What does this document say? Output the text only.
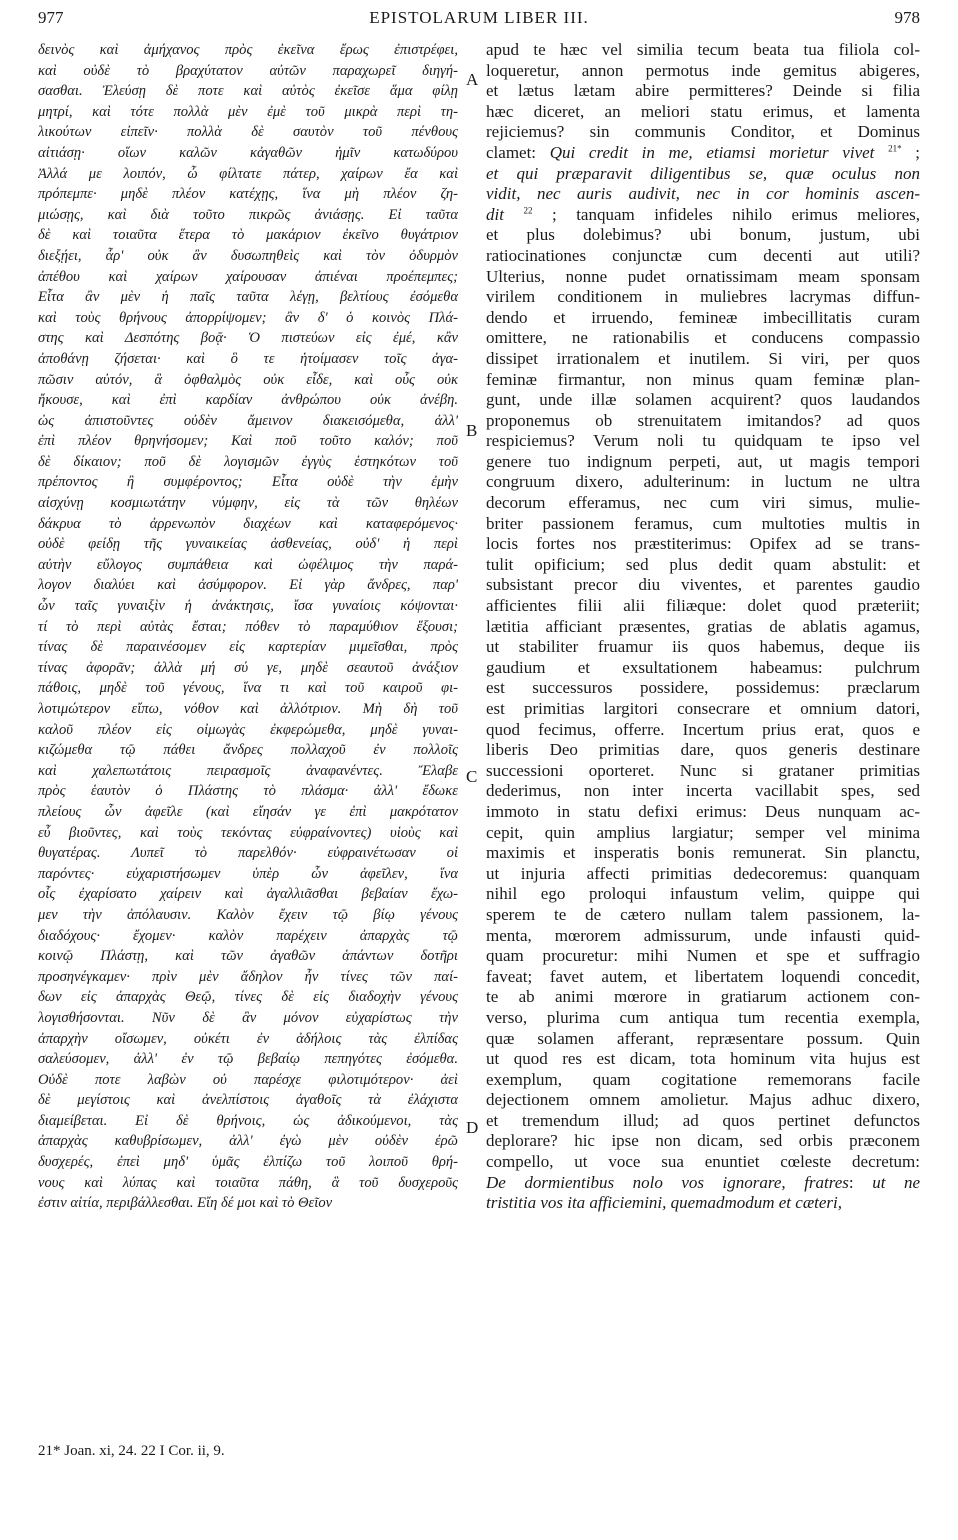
977	EPISTOLARUM LIBER III.	978

δεινὸς καὶ ἀμήχανος πρὸς ἐκεῖνα ἔρως ἐπιστρέφει,

καὶ οὐδὲ τὸ βραχύτατον αὐτῶν παραχωρεῖ διηγή-

σασθαι. Ἐλεύσῃ δὲ ποτε καὶ αὐτὸς ἐκεῖσε ἅμα φίλῃ

μητρί, καὶ τότε πολλὰ μὲν ἐμὲ τοῦ μικρὰ περὶ τη-

λικούτων εἰπεῖν· πολλὰ δὲ σαυτὸν τοῦ πένθους

αἰτιάσῃ· οἵων καλῶν κἀγαθῶν ἡμῖν κατωδύρου

Ἀλλά με λοιπόν, ὦ φίλτατε πάτερ, χαίρων ἔα καὶ

πρόπεμπε· μηδὲ πλέον κατέχῃς, ἵνα μὴ πλέον ζη-

μιώσῃς, καὶ διὰ τοῦτο πικρῶς ἀνιάσῃς. Εἰ ταῦτα

δὲ καὶ τοιαῦτα ἕτερα τὸ μακάριον ἐκεῖνο θυγάτριον

διεξῄει, ἆρ' οὐκ ἂν δυσωπηθεὶς καὶ τὸν ὀδυρμὸν

ἀπέθου καὶ χαίρων χαίρουσαν ἀπιέναι προέπεμπες;

Εἶτα ἂν μὲν ἡ παῖς ταῦτα λέγῃ, βελτίους ἐσόμεθα

καὶ τοὺς θρήνους ἀπορρίψομεν; ἂν δ' ὁ κοινὸς Πλά-

στης καὶ Δεσπότης βοᾷ· Ὁ πιστεύων εἰς ἐμέ, κἂν

ἀποθάνῃ ζήσεται· καὶ ὃ τε ἡτοίμασεν τοῖς ἀγα-

πῶσιν αὐτόν, ἃ ὀφθαλμὸς οὐκ εἶδε, καὶ οὖς οὐκ

ἤκουσε, καὶ ἐπὶ καρδίαν ἀνθρώπου οὐκ ἀνέβη.

ὡς ἀπιστοῦντες οὐδὲν ἄμεινον διακεισόμεθα, ἀλλ'

ἐπὶ πλέον θρηνήσομεν; Καὶ ποῦ τοῦτο καλόν; ποῦ

δὲ δίκαιον; ποῦ δὲ λογισμῶν ἐγγὺς ἑστηκότων τοῦ

πρέποντος ἢ συμφέροντος; Εἶτα οὐδὲ τὴν ἐμὴν

αἰσχύνῃ κοσμιωτάτην νύμφην, εἰς τὰ τῶν θηλέων

δάκρυα τὸ ἀρρενωπὸν διαχέων καὶ καταφερόμενος·

οὐδὲ φείδῃ τῆς γυναικείας ἀσθενείας, οὐδ' ἡ περὶ

αὐτὴν εὔλογος συμπάθεια καὶ ὠφέλιμος τὴν παρά-

λογον διαλύει καὶ ἀσύμφορον. Εἰ γὰρ ἄνδρες, παρ'

ὧν ταῖς γυναιξὶν ἡ ἀνάκτησις, ἴσα γυναίοις κόψονται·

τί τὸ περὶ αὐτὰς ἔσται; πόθεν τὸ παραμύθιον ἕξουσι;

τίνας δὲ παραινέσομεν εἰς καρτερίαν μιμεῖσθαι, πρὸς

τίνας ἀφορᾶν; ἀλλὰ μή σύ γε, μηδὲ σεαυτοῦ ἀνάξιον

πάθοις, μηδὲ τοῦ γένους, ἵνα τι καὶ τοῦ καιροῦ φι-

λοτιμώτερον εἴπω, νόθον καὶ ἀλλότριον. Μὴ δὴ τοῦ

καλοῦ πλέον εἰς οἰμωγὰς ἐκφερώμεθα, μηδὲ γυναι-

κιζώμεθα τῷ πάθει ἄνδρες πολλαχοῦ ἐν πολλοῖς

καὶ χαλεπωτάτοις πειρασμοῖς ἀναφανέντες. Ἔλαβε

πρὸς ἑαυτὸν ὁ Πλάστης τὸ πλάσμα· ἀλλ' ἔδωκε

πλείους ὧν ἀφεῖλε (καὶ εἴησάν γε ἐπὶ μακρότατον

εὖ βιοῦντες, καὶ τοὺς τεκόντας εὐφραίνοντες) υἱοὺς καὶ

θυγατέρας. Λυπεῖ τὸ παρελθόν· εὐφραινέτωσαν οἱ

παρόντες· εὐχαριστήσωμεν ὑπὲρ ὧν ἀφεῖλεν, ἵνα

οἷς ἐχαρίσατο χαίρειν καὶ ἀγαλλιᾶσθαι βεβαίαν ἔχω-

μεν τὴν ἀπόλαυσιν. Καλὸν ἔχειν τῷ βίῳ γένους

διαδόχους· ἔχομεν· καλὸν παρέχειν ἀπαρχὰς τῷ

κοινῷ Πλάστῃ, καὶ τῶν ἀγαθῶν ἁπάντων δοτῆρι

προσηνέγκαμεν· πρὶν μὲν ἄδηλον ἦν τίνες τῶν παί-

δων εἰς ἀπαρχὰς Θεῷ, τίνες δὲ εἰς διαδοχὴν γένους

λογισθήσονται. Νῦν δὲ ἂν μόνον εὐχαρίστως τὴν

ἀπαρχὴν οἴσωμεν, οὐκέτι ἐν ἀδήλοις τὰς ἐλπίδας

σαλεύσομεν, ἀλλ' ἐν τῷ βεβαίῳ πεπηγότες ἐσόμεθα.

Οὐδὲ ποτε λαβὼν οὐ παρέσχε φιλοτιμότερον· ἀεὶ

δὲ μεγίστοις καὶ ἀνελπίστοις ἀγαθοῖς τὰ ἐλάχιστα

διαμείβεται. Εἰ δὲ θρήνοις, ὡς ἀδικούμενοι, τὰς

ἀπαρχὰς καθυβρίσωμεν, ἀλλ' ἐγὼ μὲν οὐδὲν ἐρῶ

δυσχερές, ἐπεὶ μηδ' ὑμᾶς ἐλπίζω τοῦ λοιποῦ θρή-

νους καὶ λύπας καὶ τοιαῦτα πάθη, ἃ τοῦ δυσχεροῦς

ἐστιν αἰτία, περιβάλλεσθαι. Εἴη δέ μοι καὶ τὸ Θεῖον

apud te hæc vel similia tecum beata tua filiola col-

loqueretur, annon permotus inde gemitus abigeres,

et lætus lætam abire permitteres? Deinde si filia

hæc diceret, an meliori statu erimus, et lamenta

rejiciemus? sin communis Conditor, et Dominus

clamet: Qui credit in me, etiamsi morietur vivet $^{21*}$ ;

et qui præparavit diligentibus se, quæ oculus non

vidit, nec auris audivit, nec in cor hominis ascen-

dit $^{22}$ ; tanquam infideles nihilo erimus meliores,

et plus dolebimus? ubi bonum, justum, ubi

ratiocinationes conjunctæ cum decenti aut utili?

Ulterius, nonne pudet ornatissimam meam sponsam

virilem conditionem in muliebres lacrymas diffun-

dendo et irruendo, femineæ imbecillitatis curam

omittere, ne rationabilis et conducens compassio

dissipet irrationalem et inutilem. Si viri, per quos

feminæ firmantur, non minus quam feminæ plan-

gunt, unde illæ solamen acquirent? quos laudandos

proponemus ob strenuitatem imitandos? ad quos

respiciemus? Verum noli tu quidquam te ipso vel

genere tuo indignum perpeti, aut, ut magis tempori

congruum dixero, adulterinum: in luctum ne ultra

decorum efferamus, nec cum viri simus, mulie-

briter passionem feramus, cum multoties multis in

locis fortes nos præstiterimus: Opifex ad se trans-

tulit opificium; sed plus dedit quam abstulit: et

subsistant precor diu viventes, et parentes gaudio

afficientes filii alii filiæque: dolet quod præteriit;

lætitia afficiant præsentes, gratias de ablatis agamus,

ut stabiliter fruamur iis quos habemus, deque iis

gaudium et exsultationem habeamus: pulchrum

est successuros possidere, possidemus: præclarum

est primitias largitori consecrare et omnium datori,

quod fecimus, offerre. Incertum prius erat, quos e

liberis Deo primitias dare, quos generis destinare

successioni oporteret. Nunc si grataner primitias

dederimus, non inter incerta vacillabit spes, sed

immoto in statu defixi erimus: Deus nunquam ac-

cepit, quin amplius largiatur; semper vel minima

maximis et insperatis bonis remunerat. Sin planctu,

ut injuria affecti primitias dedecoremus: quanquam

nihil ego proloqui infaustum velim, quippe qui

sperem te de cætero nullam talem passionem, la-

menta, mœrorem admissurum, unde infausti quid-

quam procuretur: mihi Numen et spe et suffragio

faveat; favet autem, et libertatem loquendi concedit,

te ab animi mœrore in gratiarum actionem con-

verso, plurima cum antiqua tum recentia exempla,

quæ solamen afferant, repræsentare possum. Quin

ut quod res est dicam, tota hominum vita hujus est

exemplum, quam cogitatione rememorans facile

dejectionem omnem amolietur. Majus adhuc dixero,

et tremendum illud; ad quos pertinet defunctos

deplorare? hic ipse non dicam, sed orbis præconem

compello, ut voce sua enuntiet cœleste decretum:

De dormientibus nolo vos ignorare, fratres: ut ne

tristitia vos ita afficiemini, quemadmodum et cæteri,

A
B
C
D
21* Joan. xi, 24. 22 I Cor. ii, 9.
